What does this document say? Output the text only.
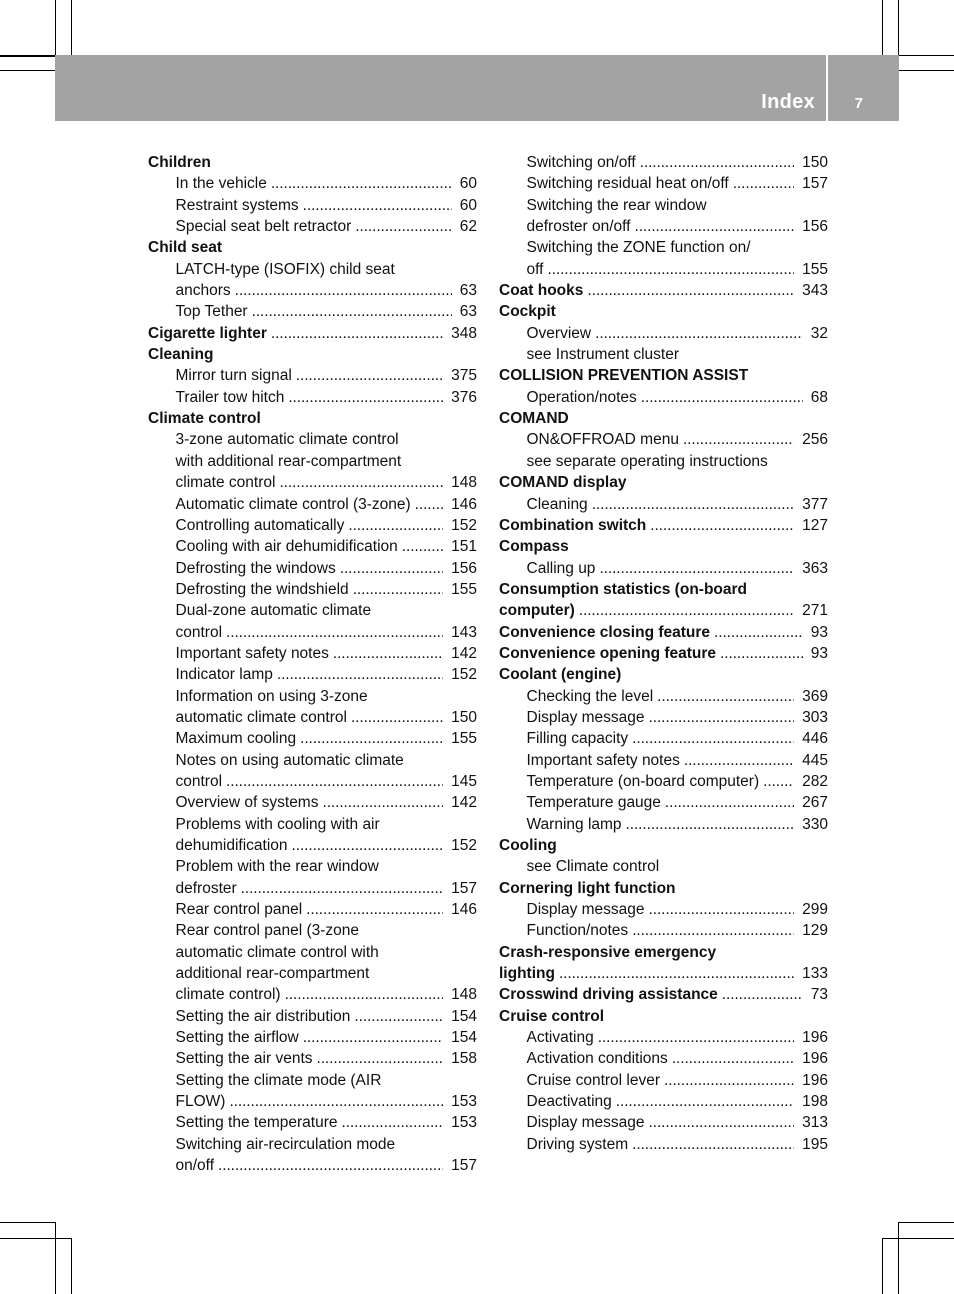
Index	7
Children
In the vehicle . . .	60
Restraint systems . . .	60
Special seat belt retractor . . .	62
Child seat
LATCH-type (ISOFIX) child seat
anchors . . .	63
Top Tether . . .	63
Cigarette lighter . . .	348
Cleaning
Mirror turn signal . . .	375
Trailer tow hitch . . .	376
Climate control
3-zone automatic climate control
with additional rear-compartment
climate control . . .	148
Automatic climate control (3-zone) . . .	146
Controlling automatically . . .	152
Cooling with air dehumidification . . .	151
Defrosting the windows . . .	156
Defrosting the windshield . . .	155
Dual-zone automatic climate
control . . .	143
Important safety notes . . .	142
Indicator lamp . . .	152
Information on using 3-zone
automatic climate control . . .	150
Maximum cooling . . .	155
Notes on using automatic climate
control . . .	145
Overview of systems . . .	142
Problems with cooling with air
dehumidification . . .	152
Problem with the rear window
defroster . . .	157
Rear control panel . . .	146
Rear control panel (3-zone
automatic climate control with
additional rear-compartment
climate control) . . .	148
Setting the air distribution . . .	154
Setting the airflow . . .	154
Setting the air vents . . .	158
Setting the climate mode (AIR
FLOW) . . .	153
Setting the temperature . . .	153
Switching air-recirculation mode
on/off . . .	157
Switching on/off . . .	150
Switching residual heat on/off . . .	157
Switching the rear window
defroster on/off . . .	156
Switching the ZONE function on/
off . . .	155
Coat hooks . . .	343
Cockpit
Overview . . .	32
see Instrument cluster
COLLISION PREVENTION ASSIST
Operation/notes . . .	68
COMAND
ON&OFFROAD menu . . .	256
see separate operating instructions
COMAND display
Cleaning . . .	377
Combination switch . . .	127
Compass
Calling up . . .	363
Consumption statistics (on-board
computer) . . .	271
Convenience closing feature . . .	93
Convenience opening feature . . .	93
Coolant (engine)
Checking the level . . .	369
Display message . . .	303
Filling capacity . . .	446
Important safety notes . . .	445
Temperature (on-board computer) . . .	282
Temperature gauge . . .	267
Warning lamp . . .	330
Cooling
see Climate control
Cornering light function
Display message . . .	299
Function/notes . . .	129
Crash-responsive emergency
lighting . . .	133
Crosswind driving assistance . . .	73
Cruise control
Activating . . .	196
Activation conditions . . .	196
Cruise control lever . . .	196
Deactivating . . .	198
Display message . . .	313
Driving system . . .	195
